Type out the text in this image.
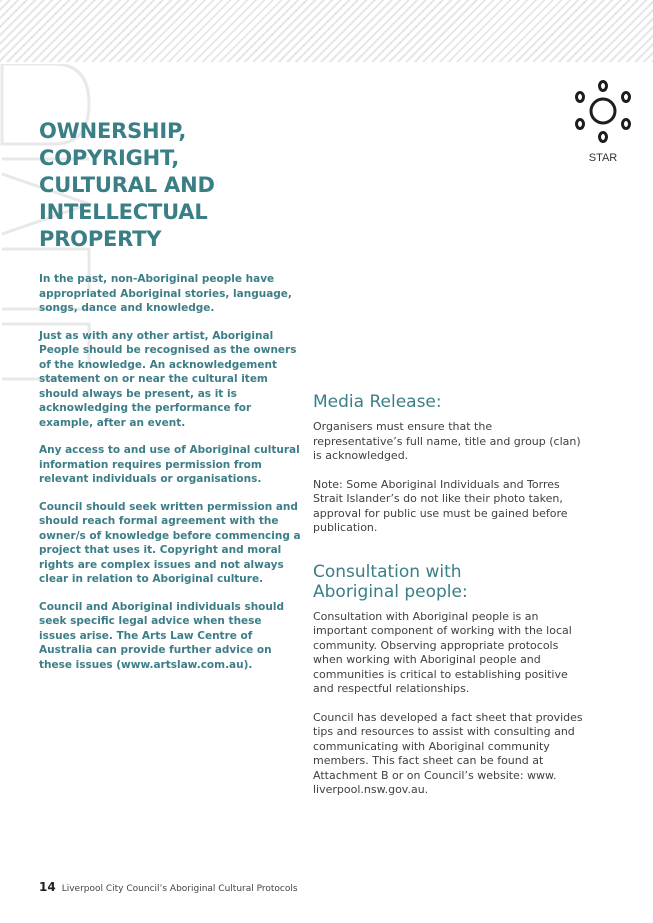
STAR
OWNERSHIP,
COPYRIGHT,
CULTURAL AND
INTELLECTUAL
PROPERTY

In the past, non-Aboriginal people have appropriated Aboriginal stories, language, songs, dance and knowledge.

Just as with any other artist, Aboriginal People should be recognised as the owners of the knowledge. An acknowledgement statement on or near the cultural item should always be present, as it is acknowledging the performance for example, after an event.

Any access to and use of Aboriginal cultural information requires permission from relevant individuals or organisations.

Council should seek written permission and should reach formal agreement with the owner/s of knowledge before commencing a project that uses it. Copyright and moral rights are complex issues and not always clear in relation to Aboriginal culture.

Council and Aboriginal individuals should seek specific legal advice when these issues arise. The Arts Law Centre of Australia can provide further advice on these issues (www.artslaw.com.au).

Media Release:

Organisers must ensure that the representative’s full name, title and group (clan) is acknowledged.

Note: Some Aboriginal Individuals and Torres Strait Islander’s do not like their photo taken, approval for public use must be gained before publication.

Consultation with
Aboriginal people:

Consultation with Aboriginal people is an important component of working with the local community. Observing appropriate protocols when working with Aboriginal people and communities is critical to establishing positive and respectful relationships.

Council has developed a fact sheet that provides tips and resources to assist with consulting and communicating with Aboriginal community members. This fact sheet can be found at Attachment B or on Council’s website: www. liverpool.nsw.gov.au.

14 Liverpool City Council’s Aboriginal Cultural Protocols
